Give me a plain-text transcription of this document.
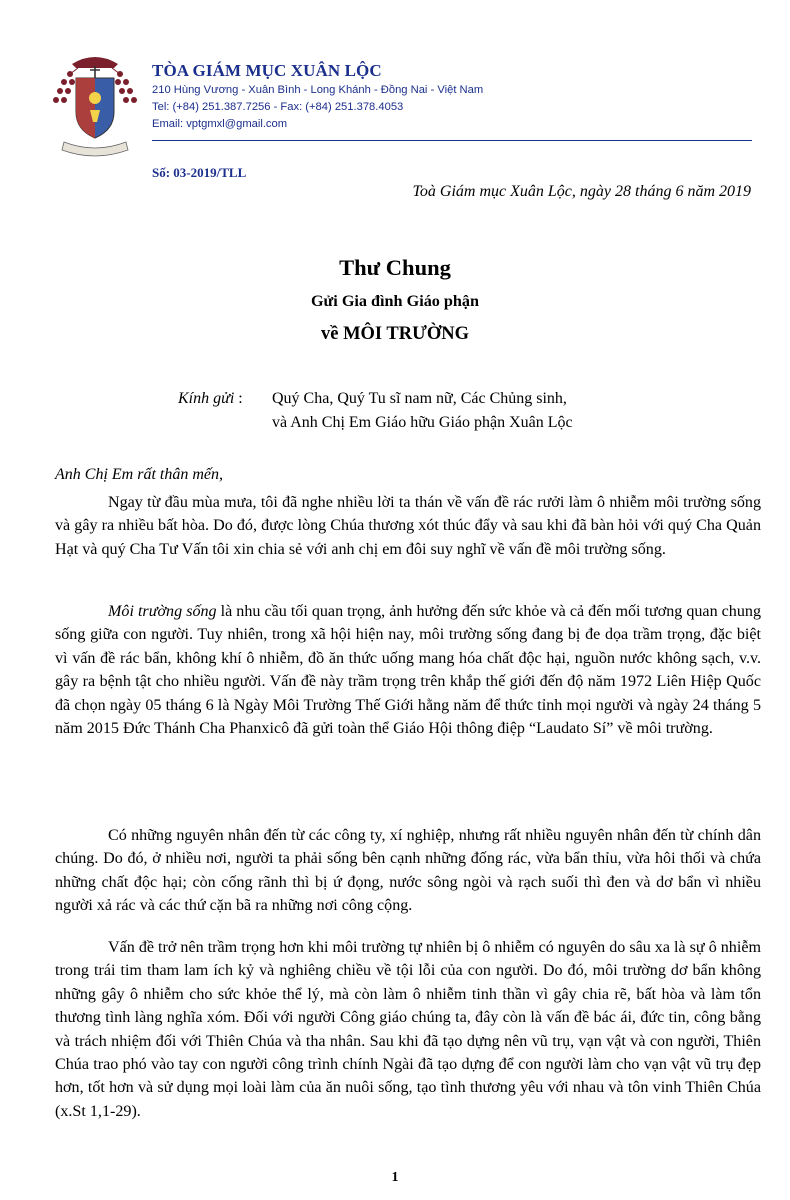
TÒA GIÁM MỤC XUÂN LỘC
210 Hùng Vương - Xuân Bình - Long Khánh - Đồng Nai - Việt Nam
Tel: (+84) 251.387.7256 - Fax: (+84) 251.378.4053
Email: vptgmxl@gmail.com
Số: 03-2019/TLL
Toà Giám mục Xuân Lộc, ngày 28 tháng 6 năm 2019
Thư Chung
Gửi Gia đình Giáo phận
về MÔI TRƯỜNG
Kính gửi : Quý Cha, Quý Tu sĩ nam nữ, Các Chủng sinh,
và Anh Chị Em Giáo hữu Giáo phận Xuân Lộc
Anh Chị Em rất thân mến,

Ngay từ đầu mùa mưa, tôi đã nghe nhiều lời ta thán về vấn đề rác rưởi làm ô nhiễm môi trường sống và gây ra nhiều bất hòa. Do đó, được lòng Chúa thương xót thúc đẩy và sau khi đã bàn hỏi với quý Cha Quản Hạt và quý Cha Tư Vấn tôi xin chia sẻ với anh chị em đôi suy nghĩ về vấn đề môi trường sống.

Môi trường sống là nhu cầu tối quan trọng, ảnh hưởng đến sức khỏe và cả đến mối tương quan chung sống giữa con người. Tuy nhiên, trong xã hội hiện nay, môi trường sống đang bị đe dọa trầm trọng, đặc biệt vì vấn đề rác bẩn, không khí ô nhiễm, đồ ăn thức uống mang hóa chất độc hại, nguồn nước không sạch, v.v. gây ra bệnh tật cho nhiều người. Vấn đề này trầm trọng trên khắp thế giới đến độ năm 1972 Liên Hiệp Quốc đã chọn ngày 05 tháng 6 là Ngày Môi Trường Thế Giới hằng năm để thức tỉnh mọi người và ngày 24 tháng 5 năm 2015 Đức Thánh Cha Phanxicô đã gửi toàn thể Giáo Hội thông điệp “Laudato Sí” về môi trường.

Có những nguyên nhân đến từ các công ty, xí nghiệp, nhưng rất nhiều nguyên nhân đến từ chính dân chúng. Do đó, ở nhiều nơi, người ta phải sống bên cạnh những đống rác, vừa bẩn thỉu, vừa hôi thối và chứa những chất độc hại; còn cống rãnh thì bị ứ đọng, nước sông ngòi và rạch suối thì đen và dơ bẩn vì nhiều người xả rác và các thứ cặn bã ra những nơi công cộng.

Vấn đề trở nên trầm trọng hơn khi môi trường tự nhiên bị ô nhiễm có nguyên do sâu xa là sự ô nhiễm trong trái tim tham lam ích kỷ và nghiêng chiều về tội lỗi của con người. Do đó, môi trường dơ bẩn không những gây ô nhiễm cho sức khỏe thể lý, mà còn làm ô nhiễm tinh thần vì gây chia rẽ, bất hòa và làm tổn thương tình làng nghĩa xóm. Đối với người Công giáo chúng ta, đây còn là vấn đề bác ái, đức tin, công bằng và trách nhiệm đối với Thiên Chúa và tha nhân. Sau khi đã tạo dựng nên vũ trụ, vạn vật và con người, Thiên Chúa trao phó vào tay con người công trình chính Ngài đã tạo dựng để con người làm cho vạn vật vũ trụ đẹp hơn, tốt hơn và sử dụng mọi loài làm của ăn nuôi sống, tạo tình thương yêu với nhau và tôn vinh Thiên Chúa (x.St 1,1-29).

1
